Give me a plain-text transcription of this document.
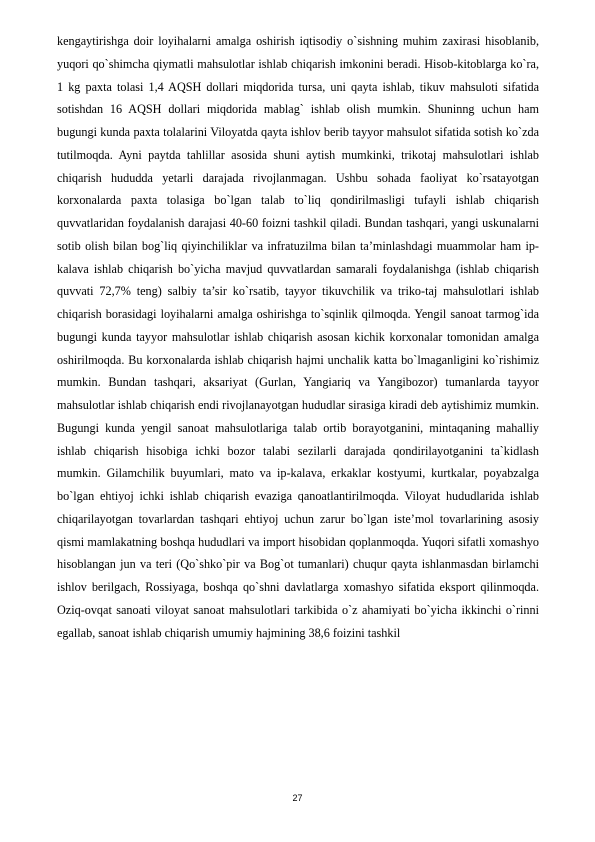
kengaytirishga doir loyihalarni amalga oshirish iqtisodiy o`sishning muhim zaxirasi hisoblanib, yuqori qo`shimcha qiymatli mahsulotlar ishlab chiqarish imkonini beradi. Hisob-kitoblarga ko`ra, 1 kg paxta tolasi 1,4 AQSH dollari miqdorida tursa, uni qayta ishlab, tikuv mahsuloti sifatida sotishdan 16 AQSH dollari miqdorida mablag` ishlab olish mumkin. Shuninng uchun ham bugungi kunda paxta tolalarini Viloyatda qayta ishlov berib tayyor mahsulot sifatida sotish ko`zda tutilmoqda. Ayni paytda tahlillar asosida shuni aytish mumkinki, trikotaj mahsulotlari ishlab chiqarish hududda yetarli darajada rivojlanmagan. Ushbu sohada faoliyat ko`rsatayotgan korxonalarda paxta tolasiga bo`lgan talab to`liq qondirilmasligi tufayli ishlab chiqarish quvvatlaridan foydalanish darajasi 40-60 foizni tashkil qiladi. Bundan tashqari, yangi uskunalarni sotib olish bilan bog`liq qiyinchiliklar va infratuzilma bilan ta’minlashdagi muammolar ham ip-kalava ishlab chiqarish bo`yicha mavjud quvvatlardan samarali foydalanishga (ishlab chiqarish quvvati 72,7% teng) salbiy ta’sir ko`rsatib, tayyor tikuvchilik va triko-taj mahsulotlari ishlab chiqarish borasidagi loyihalarni amalga oshirishga to`sqinlik qilmoqda. Yengil sanoat tarmog`ida bugungi kunda tayyor mahsulotlar ishlab chiqarish asosan kichik korxonalar tomonidan amalga oshirilmoqda. Bu korxonalarda ishlab chiqarish hajmi unchalik katta bo`lmaganligini ko`rishimiz mumkin. Bundan tashqari, aksariyat (Gurlan, Yangiariq va Yangibozor) tumanlarda tayyor mahsulotlar ishlab chiqarish endi rivojlanayotgan hududlar sirasiga kiradi deb aytishimiz mumkin. Bugungi kunda yengil sanoat mahsulotlariga talab ortib borayotganini, mintaqaning mahalliy ishlab chiqarish hisobiga ichki bozor talabi sezilarli darajada qondirilayotganini ta`kidlash mumkin. Gilamchilik buyumlari, mato va ip-kalava, erkaklar kostyumi, kurtkalar, poyabzalga bo`lgan ehtiyoj ichki ishlab chiqarish evaziga qanoatlantirilmoqda. Viloyat hududlarida ishlab chiqarilayotgan tovarlardan tashqari ehtiyoj uchun zarur bo`lgan iste’mol tovarlarining asosiy qismi mamlakatning boshqa hududlari va import hisobidan qoplanmoqda. Yuqori sifatli xomashyo hisoblangan jun va teri (Qo`shko`pir va Bog`ot tumanlari) chuqur qayta ishlanmasdan birlamchi ishlov berilgach, Rossiyaga, boshqa qo`shni davlatlarga xomashyo sifatida eksport qilinmoqda. Oziq-ovqat sanoati viloyat sanoat mahsulotlari tarkibida o`z ahamiyati bo`yicha ikkinchi o`rinni egallab, sanoat ishlab chiqarish umumiy hajmining 38,6 foizini tashkil

27
